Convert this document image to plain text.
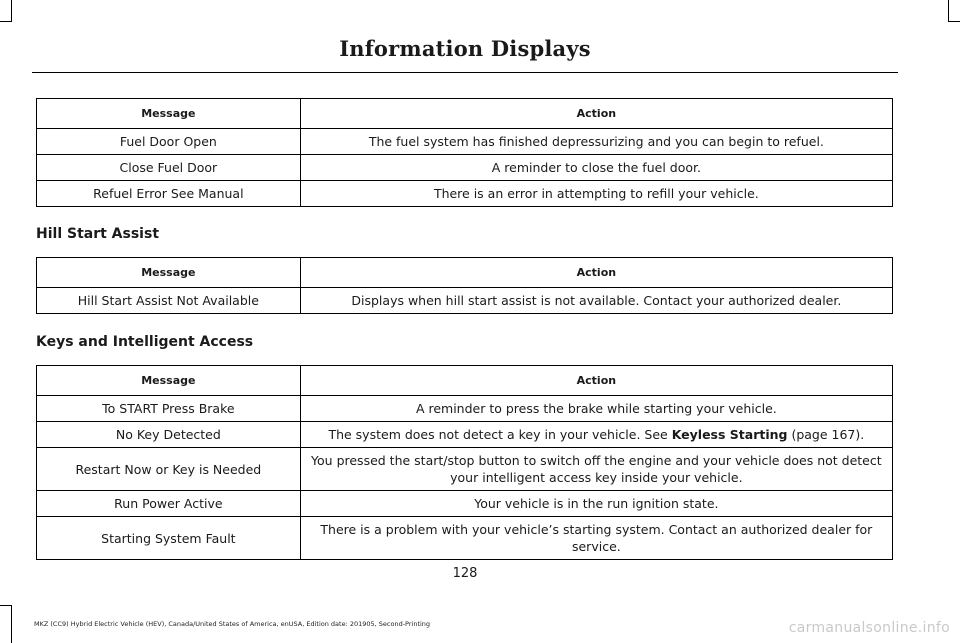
Information Displays
Message	Action
Fuel Door Open	The fuel system has finished depressurizing and you can begin to refuel.
Close Fuel Door	A reminder to close the fuel door.
Refuel Error See Manual	There is an error in attempting to refill your vehicle.
Hill Start Assist
Message	Action
Hill Start Assist Not Available	Displays when hill start assist is not available. Contact your authorized dealer.
Keys and Intelligent Access
Message	Action
To START Press Brake	A reminder to press the brake while starting your vehicle.
No Key Detected	The system does not detect a key in your vehicle. See Keyless Starting (page 167).
Restart Now or Key is Needed	You pressed the start/stop button to switch off the engine and your vehicle does not detect your intelligent access key inside your vehicle.
Run Power Active	Your vehicle is in the run ignition state.
Starting System Fault	There is a problem with your vehicle’s starting system. Contact an authorized dealer for service.
128
MKZ (CC9) Hybrid Electric Vehicle (HEV), Canada/United States of America, enUSA, Edition date: 201905, Second-Printing	carmanualsonline.info
